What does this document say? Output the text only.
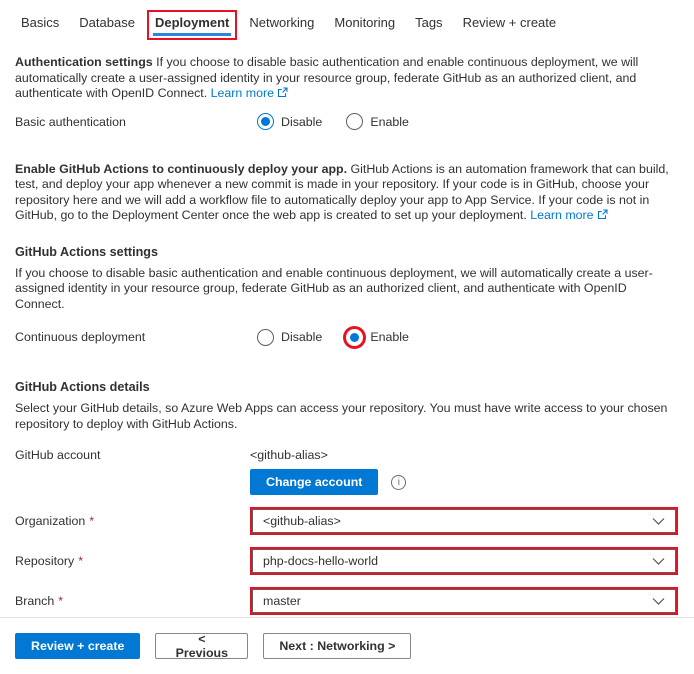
Basics	Database	Deployment	Networking	Monitoring	Tags	Review + create

Authentication settings If you choose to disable basic authentication and enable continuous deployment, we will automatically create a user-assigned identity in your resource group, federate GitHub as an authorized client, and authenticate with OpenID Connect. Learn more

Basic authentication	Disable	Enable

Enable GitHub Actions to continuously deploy your app. GitHub Actions is an automation framework that can build, test, and deploy your app whenever a new commit is made in your repository. If your code is in GitHub, choose your repository here and we will add a workflow file to automatically deploy your app to App Service. If your code is not in GitHub, go to the Deployment Center once the web app is created to set up your deployment. Learn more

GitHub Actions settings

If you choose to disable basic authentication and enable continuous deployment, we will automatically create a user-assigned identity in your resource group, federate GitHub as an authorized client, and authenticate with OpenID Connect.

Continuous deployment	Disable	Enable
GitHub Actions details

Select your GitHub details, so Azure Web Apps can access your repository. You must have write access to your chosen repository to deploy with GitHub Actions.

GitHub account	<github-alias>
Change account	i
Organization *	<github-alias>
Repository *	php-docs-hello-world
Branch *	master
Review + create	< Previous	Next : Networking >
